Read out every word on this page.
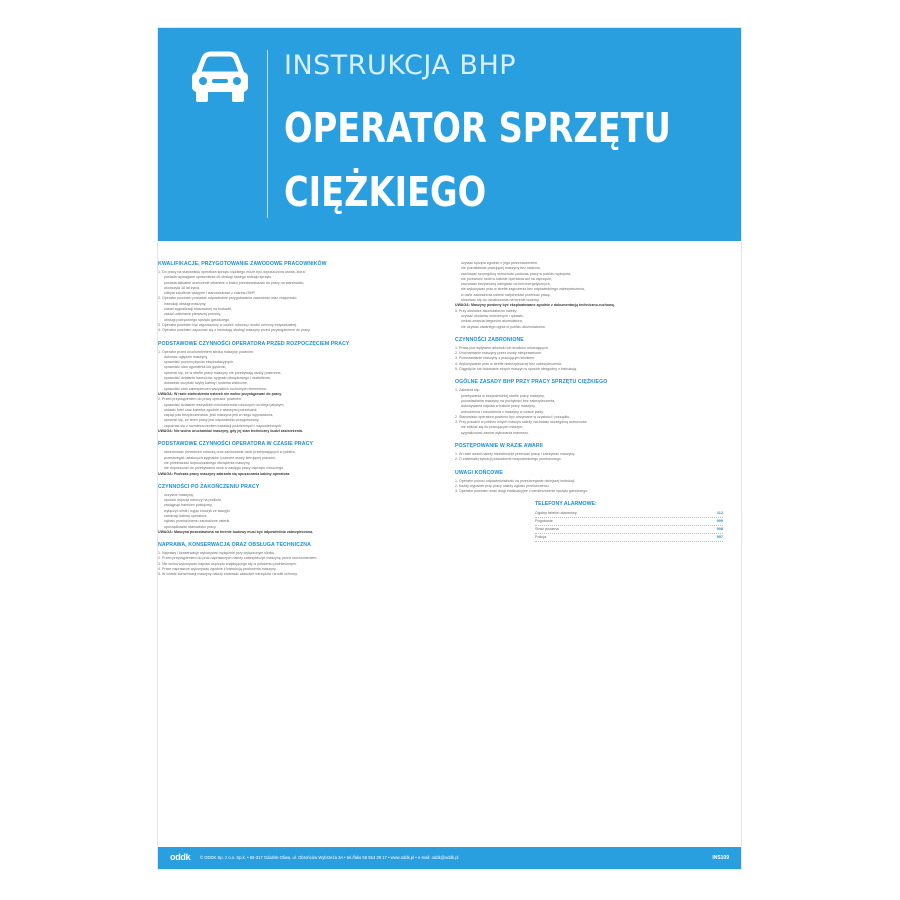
INSTRUKCJA BHP
OPERATOR SPRZĘTU
CIĘŻKIEGO
KWALIFIKACJE, PRZYGOTOWANIE ZAWODOWE PRACOWNIKÓW
1. Do pracy na stanowisku operatora sprzętu ciężkiego może być dopuszczona osoba, która:
posiada wymagane uprawnienia do obsługi danego rodzaju sprzętu,
posiada aktualne orzeczenie lekarskie o braku przeciwwskazań do pracy na stanowisku,
ukończyła 18 lat życia,
odbyła szkolenie wstępne i stanowiskowe z zakresu BHP.
2. Operator powinien posiadać odpowiednie przygotowanie zawodowe oraz znajomość:
instrukcji obsługi maszyny,
zasad sygnalizacji stosowanej na budowie,
zasad udzielania pierwszej pomocy,
obsługi podręcznego sprzętu gaśniczego.
3. Operator powinien być wyposażony w odzież roboczą i środki ochrony indywidualnej.
4. Operator powinien zapoznać się z instrukcją obsługi maszyny przed przystąpieniem do pracy.
PODSTAWOWE CZYNNOŚCI OPERATORA PRZED ROZPOCZĘCIEM PRACY
1. Operator przed uruchomieniem silnika maszyny powinien:
dokonać oględzin maszyny,
sprawdzić poziom płynów eksploatacyjnych,
sprawdzić stan ogumienia lub gąsienic,
upewnić się, że w strefie pracy maszyny nie przebywają osoby postronne,
sprawdzić działanie hamulców, sygnału dźwiękowego i oświetlenia,
dokładnie oczyścić szyby kabiny i lusterka wsteczne,
sprawdzić stan zabezpieczeń wszystkich ruchomych elementów.
UWAGA: W razie stwierdzenia usterek nie wolno przystępować do pracy.
2. Przed przystąpieniem do pracy operator powinien:
sprawdzić działanie wszystkich mechanizmów roboczych na biegu jałowym,
ustawić fotel oraz lusterka zgodnie z własnymi potrzebami,
zapiąć pas bezpieczeństwa, jeśli maszyna jest w niego wyposażona,
upewnić się, że teren pracy jest odpowiednio przygotowany,
zapoznać się z rozmieszczeniem instalacji podziemnych i napowietrznych.
UWAGA: Nie wolno uruchamiać maszyny, gdy jej stan techniczny budzi zastrzeżenia.
PODSTAWOWE CZYNNOŚCI OPERATORA W CZASIE PRACY
obserwować przestrzeń roboczą oraz zachowanie osób przebywających w pobliżu,
przestrzegać ustalonych sygnałów i poleceń osoby kierującej pracami,
nie przekraczać dopuszczalnego obciążenia maszyny,
nie dopuszczać do przebywania osób w zasięgu pracy osprzętu roboczego.
UWAGA: Podczas pracy maszyny zabrania się opuszczania kabiny operatora.
CZYNNOŚCI PO ZAKOŃCZENIU PRACY
oczyścić maszynę,
opuścić osprzęt roboczy na podłoże,
zaciągnąć hamulec postojowy,
wyłączyć silnik i wyjąć kluczyk ze stacyjki,
zamknąć kabinę operatora,
zgłosić przełożonemu zauważone usterki,
uporządkować stanowisko pracy.
UWAGA: Maszyna pozostawiona na terenie budowy musi być odpowiednio zabezpieczona.
NAPRAWA, KONSERWACJA ORAZ OBSŁUGA TECHNICZNA
1. Naprawy i konserwacje wykonywać wyłącznie przy wyłączonym silniku.
2. Przed przystąpieniem do prac naprawczych należy zabezpieczyć maszynę przed uruchomieniem.
3. Nie wolno wykonywać napraw osprzętu znajdującego się w położeniu podniesionym.
4. Prace naprawcze wykonywać zgodnie z instrukcją producenta maszyny.
5. W czasie konserwacji maszyny należy stosować właściwe narzędzia i środki ochrony.
używać sprzętu zgodnie z jego przeznaczeniem,
nie pozostawiać pracującej maszyny bez nadzoru,
zachować szczególną ostrożność podczas pracy w pobliżu wykopów,
nie przewozić osób w kabinie operatora ani na osprzęcie,
zachować bezpieczną odległość od linii energetycznych,
nie wykonywać prac w strefie zagrożenia bez odpowiedniego zabezpieczenia,
w razie zauważenia usterki natychmiast przerwać pracę,
stosować się do oznakowania na terenie budowy.
UWAGA: Maszyny powinny być eksploatowane zgodnie z dokumentacją techniczno-ruchową.
5. Przy obsłudze akumulatorów należy:
używać okularów ochronnych i rękawic,
unikać zwarcia biegunów akumulatora,
nie używać otwartego ognia w pobliżu akumulatorów.
CZYNNOŚCI ZABRONIONE
1. Praca pod wpływem alkoholu lub środków odurzających.
2. Uruchamianie maszyny przez osoby nieuprawnione.
3. Pozostawianie maszyny z pracującym silnikiem.
4. Wykonywanie prac w strefie niebezpiecznej bez zabezpieczenia.
5. Ciągnięcie lub holowanie innych maszyn w sposób niezgodny z instrukcją.
OGÓLNE ZASADY BHP PRZY PRACY SPRZĘTU CIĘŻKIEGO
1. Zabrania się:
przebywania w bezpośredniej strefie pracy maszyny,
pozostawiania maszyny na pochyłości bez zabezpieczenia,
dokonywania napraw w trakcie pracy maszyny,
wchodzenia i schodzenia z maszyny w czasie jazdy.
2. Stanowisko operatora powinno być utrzymane w czystości i porządku.
3. Przy pracach w pobliżu innych maszyn należy zachować szczególną ostrożność:
nie zbliżać się do pracujących maszyn,
sygnalizować zamiar wykonania manewru.
POSTĘPOWANIE W RAZIE AWARII
1. W razie awarii należy niezwłocznie przerwać pracę i zatrzymać maszynę.
2. O zaistniałej sytuacji powiadomić bezpośredniego przełożonego.
UWAGI KOŃCOWE
1. Operator ponosi odpowiedzialność za przestrzeganie niniejszej instrukcji.
2. Każdy wypadek przy pracy należy zgłosić przełożonemu.
3. Operator powinien znać drogi ewakuacyjne i rozmieszczenie sprzętu gaśniczego.
TELEFONY ALARMOWE:
Ogólny telefon alarmowy	112
Pogotowie	999
Straż pożarna	998
Policja	997
oddk © ODDK Sp. z o.o. Sp.k. • 80-317 Gdańsk-Oliwa, ul. Obrońców Wybrzeża 3A • tel./faks 58 554 29 17 • www.oddk.pl • e-mail: oddk@oddk.pl	INS109
